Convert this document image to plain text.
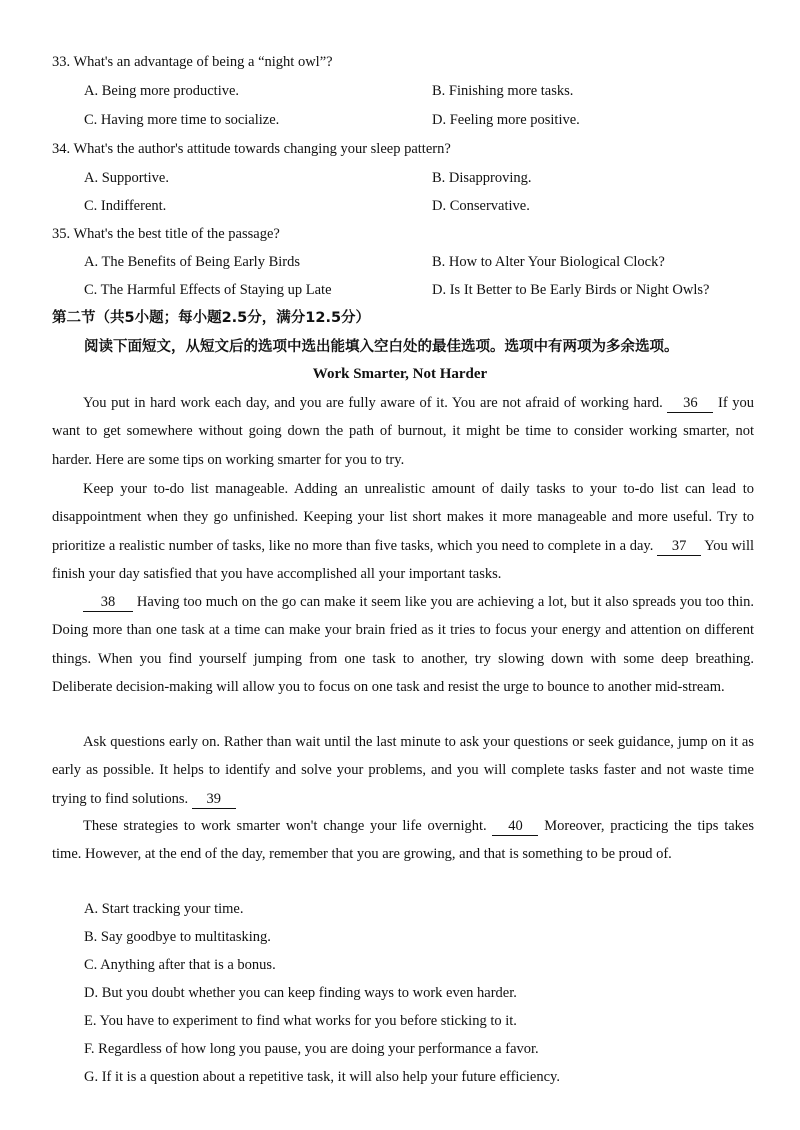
33. What's an advantage of being a “night owl”?
A. Being more productive.	B. Finishing more tasks.
C. Having more time to socialize.	D. Feeling more positive.
34. What's the author's attitude towards changing your sleep pattern?
A. Supportive.	B. Disapproving.
C. Indifferent.	D. Conservative.
35. What's the best title of the passage?
A. The Benefits of Being Early Birds	B. How to Alter Your Biological Clock?
C. The Harmful Effects of Staying up Late	D. Is It Better to Be Early Birds or Night Owls?
第二节（共5小题；每小题2.5分，满分12.5分）
阅读下面短文，从短文后的选项中选出能填入空白处的最佳选项。选项中有两项为多余选项。
Work Smarter, Not Harder
You put in hard work each day, and you are fully aware of it. You are not afraid of working hard. 36 If you want to get somewhere without going down the path of burnout, it might be time to consider working smarter, not harder. Here are some tips on working smarter for you to try.
Keep your to-do list manageable. Adding an unrealistic amount of daily tasks to your to-do list can lead to disappointment when they go unfinished. Keeping your list short makes it more manageable and more useful. Try to prioritize a realistic number of tasks, like no more than five tasks, which you need to complete in a day. 37 You will finish your day satisfied that you have accomplished all your important tasks.
38 Having too much on the go can make it seem like you are achieving a lot, but it also spreads you too thin. Doing more than one task at a time can make your brain fried as it tries to focus your energy and attention on different things. When you find yourself jumping from one task to another, try slowing down with some deep breathing. Deliberate decision-making will allow you to focus on one task and resist the urge to bounce to another mid-stream.
Ask questions early on. Rather than wait until the last minute to ask your questions or seek guidance, jump on it as early as possible. It helps to identify and solve your problems, and you will complete tasks faster and not waste time trying to find solutions. 39
These strategies to work smarter won't change your life overnight. 40 Moreover, practicing the tips takes time. However, at the end of the day, remember that you are growing, and that is something to be proud of.
A. Start tracking your time.
B. Say goodbye to multitasking.
C. Anything after that is a bonus.
D. But you doubt whether you can keep finding ways to work even harder.
E. You have to experiment to find what works for you before sticking to it.
F. Regardless of how long you pause, you are doing your performance a favor.
G. If it is a question about a repetitive task, it will also help your future efficiency.
